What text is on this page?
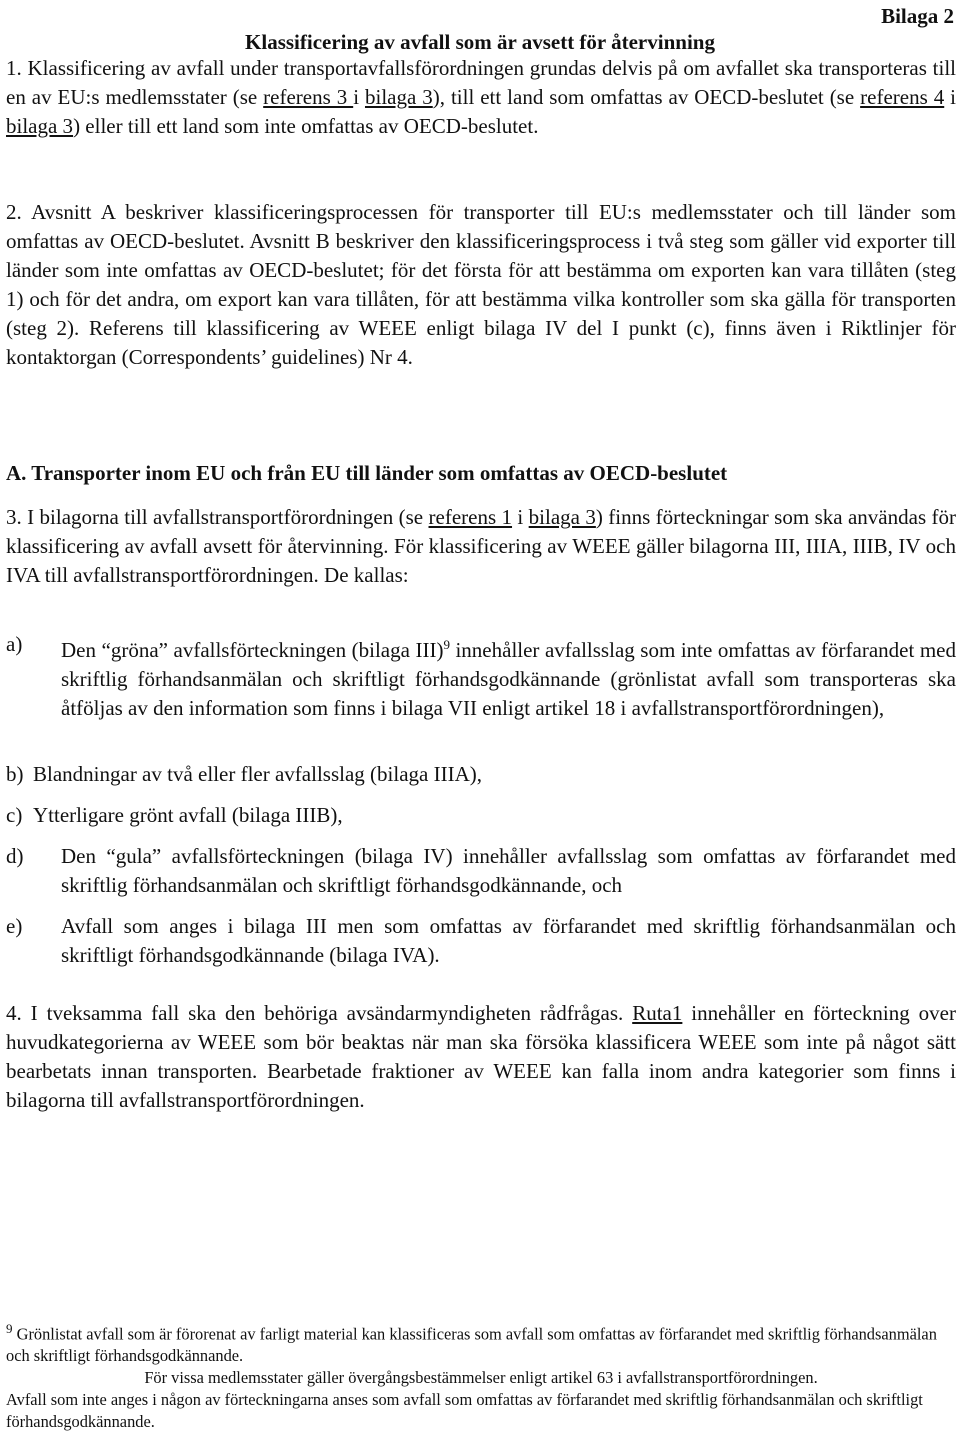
Bilaga 2
Klassificering av avfall som är avsett för återvinning
1. Klassificering av avfall under transportavfallsförordningen grundas delvis på om avfallet ska transporteras till en av EU:s medlemsstater (se referens 3 i bilaga 3), till ett land som omfattas av OECD-beslutet (se referens 4 i bilaga 3) eller till ett land som inte omfattas av OECD-beslutet.
2. Avsnitt A beskriver klassificeringsprocessen för transporter till EU:s medlemsstater och till länder som omfattas av OECD-beslutet. Avsnitt B beskriver den klassificeringsprocess i två steg som gäller vid exporter till länder som inte omfattas av OECD-beslutet; för det första för att bestämma om exporten kan vara tillåten (steg 1) och för det andra, om export kan vara tillåten, för att bestämma vilka kontroller som ska gälla för transporten (steg 2). Referens till klassificering av WEEE enligt bilaga IV del I punkt (c), finns även i Riktlinjer för kontaktorgan (Correspondents’ guidelines) Nr 4.
A. Transporter inom EU och från EU till länder som omfattas av OECD-beslutet
3. I bilagorna till avfallstransportförordningen (se referens 1 i bilaga 3) finns förteckningar som ska användas för klassificering av avfall avsett för återvinning. För klassificering av WEEE gäller bilagorna III, IIIA, IIIB, IV och IVA till avfallstransportförordningen. De kallas:
a)	Den “gröna” avfallsförteckningen (bilaga III)$^9$ innehåller avfallsslag som inte omfattas av förfarandet med skriftlig förhandsanmälan och skriftligt förhandsgodkännande (grönlistat avfall som transporteras ska åtföljas av den information som finns i bilaga VII enligt artikel 18 i avfallstransportförordningen),
b) Blandningar av två eller fler avfallsslag (bilaga IIIA),
c) Ytterligare grönt avfall (bilaga IIIB),
d)	Den “gula” avfallsförteckningen (bilaga IV) innehåller avfallsslag som omfattas av förfarandet med skriftlig förhandsanmälan och skriftligt förhandsgodkännande, och
e)	Avfall som anges i bilaga III men som omfattas av förfarandet med skriftlig förhandsanmälan och skriftligt förhandsgodkännande (bilaga IVA).
4. I tveksamma fall ska den behöriga avsändarmyndigheten rådfrågas. Ruta1 innehåller en förteckning over huvudkategorierna av WEEE som bör beaktas när man ska försöka klassificera WEEE som inte på något sätt bearbetats innan transporten. Bearbetade fraktioner av WEEE kan falla inom andra kategorier som finns i bilagorna till avfallstransportförordningen.
$^9$ Grönlistat avfall som är förorenat av farligt material kan klassificeras som avfall som omfattas av förfarandet med skriftlig förhandsanmälan och skriftligt förhandsgodkännande.
För vissa medlemsstater gäller övergångsbestämmelser enligt artikel 63 i avfallstransportförordningen.
Avfall som inte anges i någon av förteckningarna anses som avfall som omfattas av förfarandet med skriftlig förhandsanmälan och skriftligt förhandsgodkännande.
